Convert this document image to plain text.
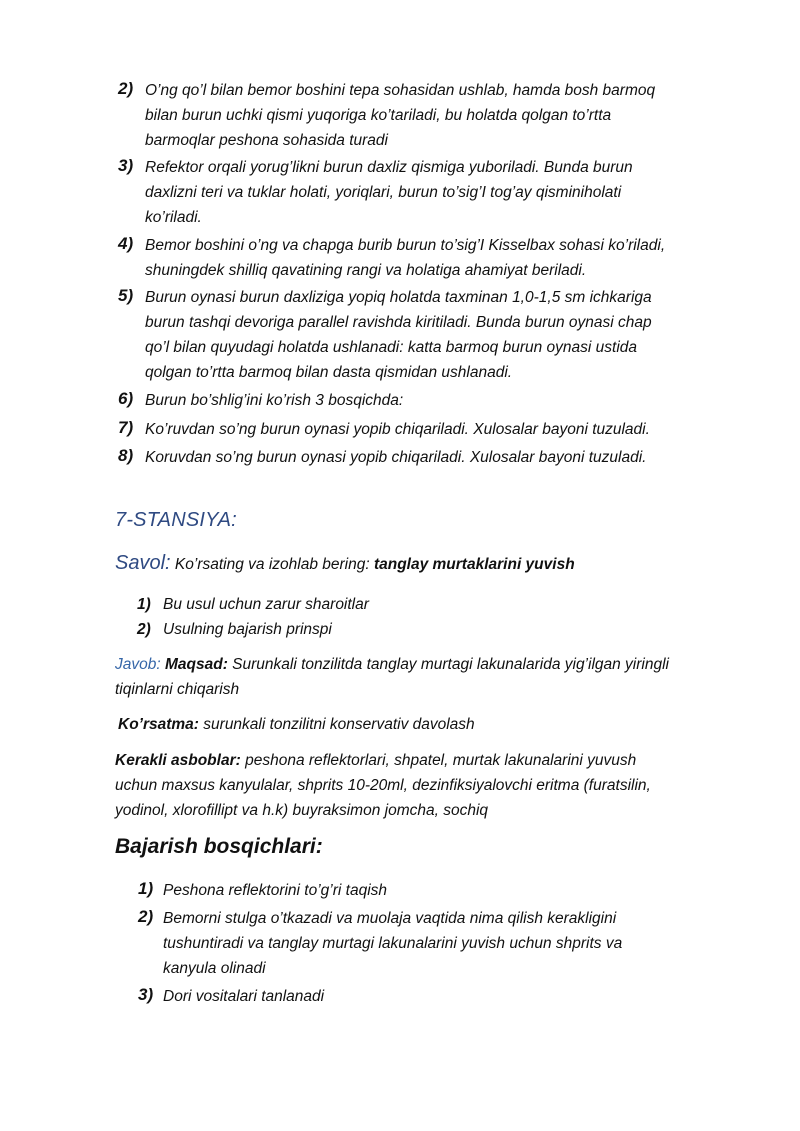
2) O’ng qo’l bilan bemor boshini tepa sohasidan ushlab, hamda bosh barmoq
bilan burun uchki qismi yuqoriga ko’tariladi, bu holatda qolgan to’rtta
barmoqlar peshona sohasida turadi
3) Refektor orqali yorug’likni burun daxliz qismiga yuboriladi. Bunda burun
daxlizni teri va tuklar holati, yoriqlari, burun to’sig’I tog’ay qisminiholati
ko’riladi.
4) Bemor boshini o’ng va chapga burib burun to’sig’I Kisselbax sohasi ko’riladi,
shuningdek shilliq qavatining rangi va holatiga ahamiyat beriladi.
5) Burun oynasi burun daxliziga yopiq holatda taxminan 1,0-1,5 sm ichkariga
burun tashqi devoriga parallel ravishda kiritiladi. Bunda burun oynasi chap
qo’l bilan quyudagi holatda ushlanadi: katta barmoq burun oynasi ustida
qolgan to’rtta barmoq bilan dasta qismidan ushlanadi.
6) Burun bo’shlig’ini ko’rish 3 bosqichda:
7) Ko’ruvdan so’ng burun oynasi yopib chiqariladi. Xulosalar bayoni tuzuladi.
8) Koruvdan so’ng burun oynasi yopib chiqariladi. Xulosalar bayoni tuzuladi.
7-STANSIYA:
Savol: Ko’rsating va izohlab bering: tanglay murtaklarini yuvish
1) Bu usul uchun zarur sharoitlar
2) Usulning bajarish prinspi
Javob: Maqsad: Surunkali tonzilitda tanglay murtagi lakunalarida yig’ilgan yiringli
tiqinlarni chiqarish
Ko’rsatma: surunkali tonzilitni konservativ davolash
Kerakli asboblar: peshona reflektorlari, shpatel, murtak lakunalarini yuvush
uchun maxsus kanyulalar, shprits 10-20ml, dezinfiksiyalovchi eritma (furatsilin,
yodinol, xlorofillipt va h.k) buyraksimon jomcha, sochiq
Bajarish bosqichlari:
1) Peshona reflektorini to’g’ri taqish
2) Bemorni stulga o’tkazadi va muolaja vaqtida nima qilish kerakligini
tushuntiradi va tanglay murtagi lakunalarini yuvish uchun shprits va
kanyula olinadi
3) Dori vositalari tanlanadi
